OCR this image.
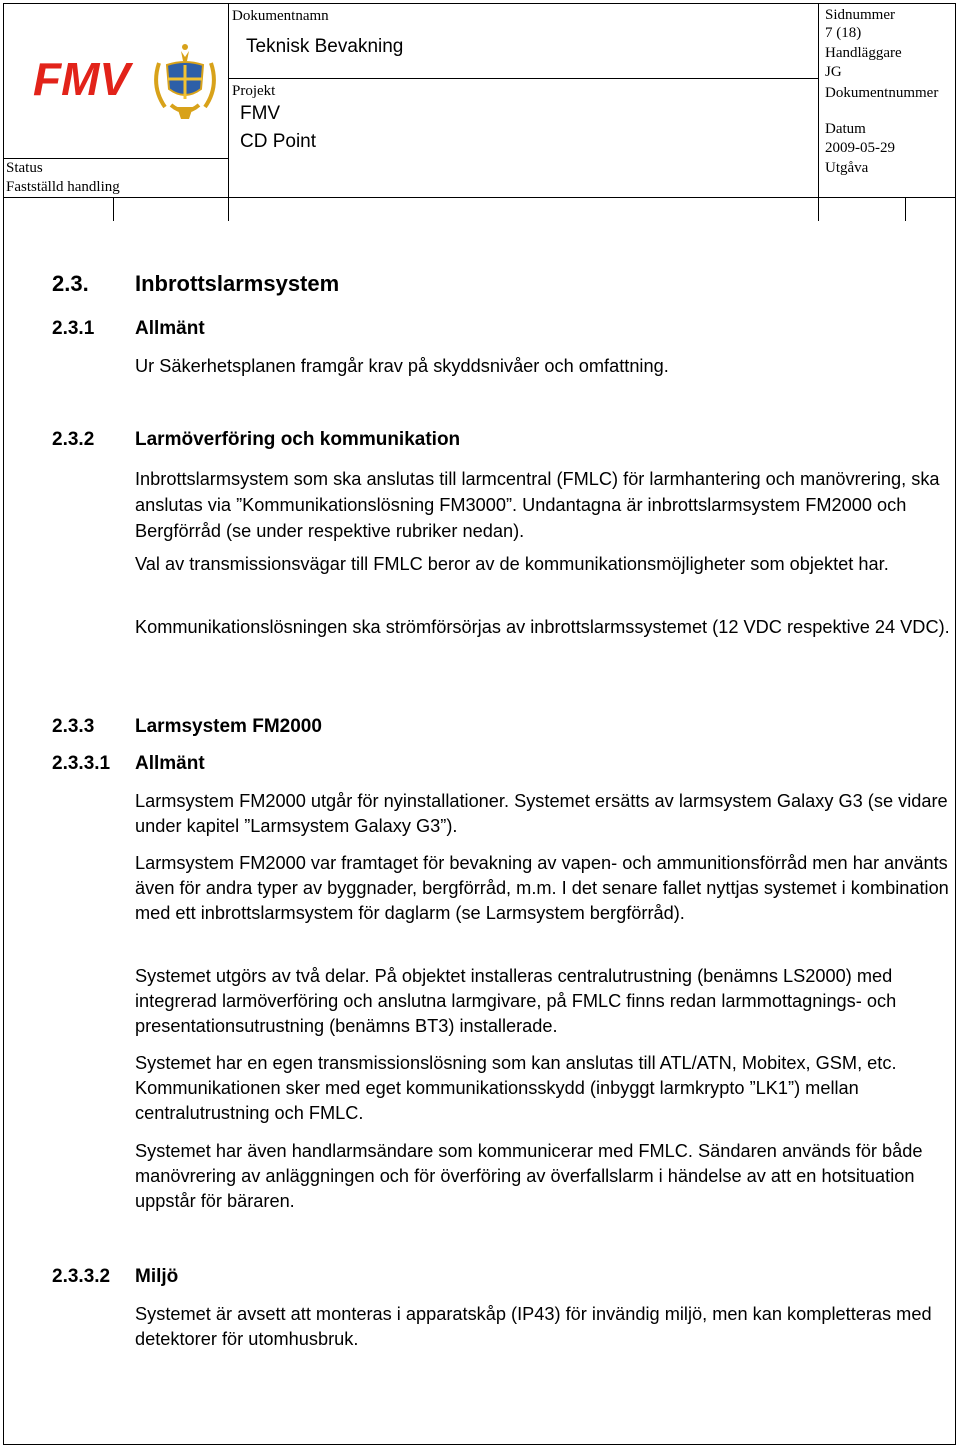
FMV
Status
Fastställd handling
Dokumentnamn
Teknisk Bevakning
Projekt
FMV
CD Point
Sidnummer
7 (18)
Handläggare
JG
Dokumentnummer
Datum
2009-05-29
Utgåva
2.3. Inbrottslarmsystem
2.3.1 Allmänt

Ur Säkerhetsplanen framgår krav på skyddsnivåer och omfattning.

2.3.2 Larmöverföring och kommunikation

Inbrottslarmsystem som ska anslutas till larmcentral (FMLC) för larmhantering och manövrering, ska anslutas via ”Kommunikationslösning FM3000”. Undantagna är inbrottslarmsystem FM2000 och Bergförråd (se under respektive rubriker nedan).

Val av transmissionsvägar till FMLC beror av de kommunikationsmöjligheter som objektet har.

Kommunikationslösningen ska strömförsörjas av inbrottslarmssystemet (12 VDC respektive 24 VDC).

2.3.3 Larmsystem FM2000
2.3.3.1 Allmänt

Larmsystem FM2000 utgår för nyinstallationer. Systemet ersätts av larmsystem Galaxy G3 (se vidare under kapitel ”Larmsystem Galaxy G3”).

Larmsystem FM2000 var framtaget för bevakning av vapen- och ammunitionsförråd men har använts även för andra typer av byggnader, bergförråd, m.m. I det senare fallet nyttjas systemet i kombination med ett inbrottslarmsystem för daglarm (se Larmsystem bergförråd).

Systemet utgörs av två delar. På objektet installeras centralutrustning (benämns LS2000) med integrerad larmöverföring och anslutna larmgivare, på FMLC finns redan larmmottagnings- och presentationsutrustning (benämns BT3) installerade.

Systemet har en egen transmissionslösning som kan anslutas till ATL/ATN, Mobitex, GSM, etc. Kommunikationen sker med eget kommunikationsskydd (inbyggt larmkrypto ”LK1”) mellan centralutrustning och FMLC.

Systemet har även handlarmsändare som kommunicerar med FMLC. Sändaren används för både manövrering av anläggningen och för överföring av överfallslarm i händelse av att en hotsituation uppstår för bäraren.

2.3.3.2 Miljö

Systemet är avsett att monteras i apparatskåp (IP43) för invändig miljö, men kan kompletteras med detektorer för utomhusbruk.
